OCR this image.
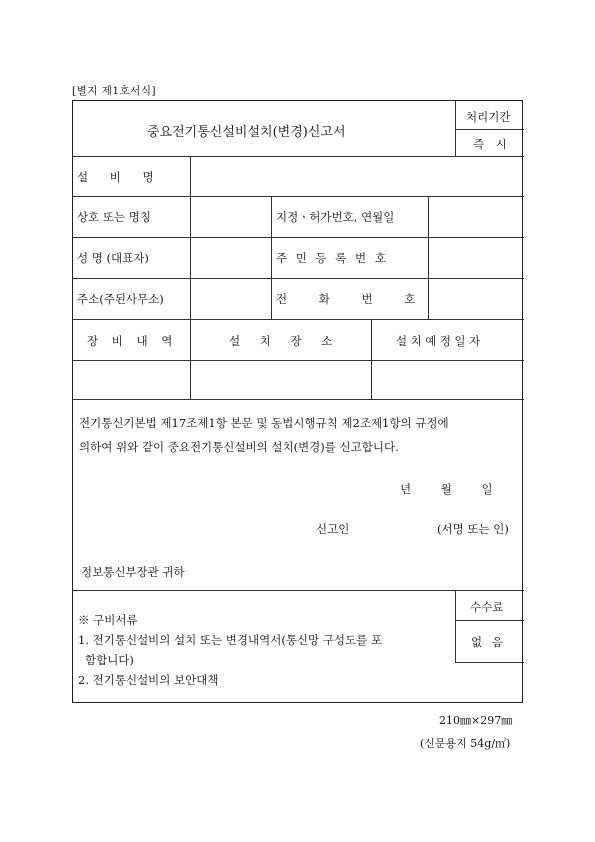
[별지 제1호서식]
중요전기통신설비설치(변경)신고서
처리기간
즉 시
설 비 명
상호 또는 명칭	지정ㆍ허가번호, 연월일
성 명 (대표자)	주 민 등 록 번 호
주소(주된사무소)	전 화 번 호
장 비 내 역	설 치 장 소	설치예정일자
전기통신기본법 제17조제1항 본문 및 동법시행규칙 제2조제1항의 규정에
의하여 위와 같이 중요전기통신설비의 설치(변경)를 신고합니다.
년 월 일
신고인	(서명 또는 인)
정보통신부장관 귀하
수수료
없 음
※ 구비서류
1. 전기통신설비의 설치 또는 변경내역서(통신망 구성도를 포
함합니다)
2. 전기통신설비의 보안대책
210㎜×297㎜
(신문용지 54g/㎡)
